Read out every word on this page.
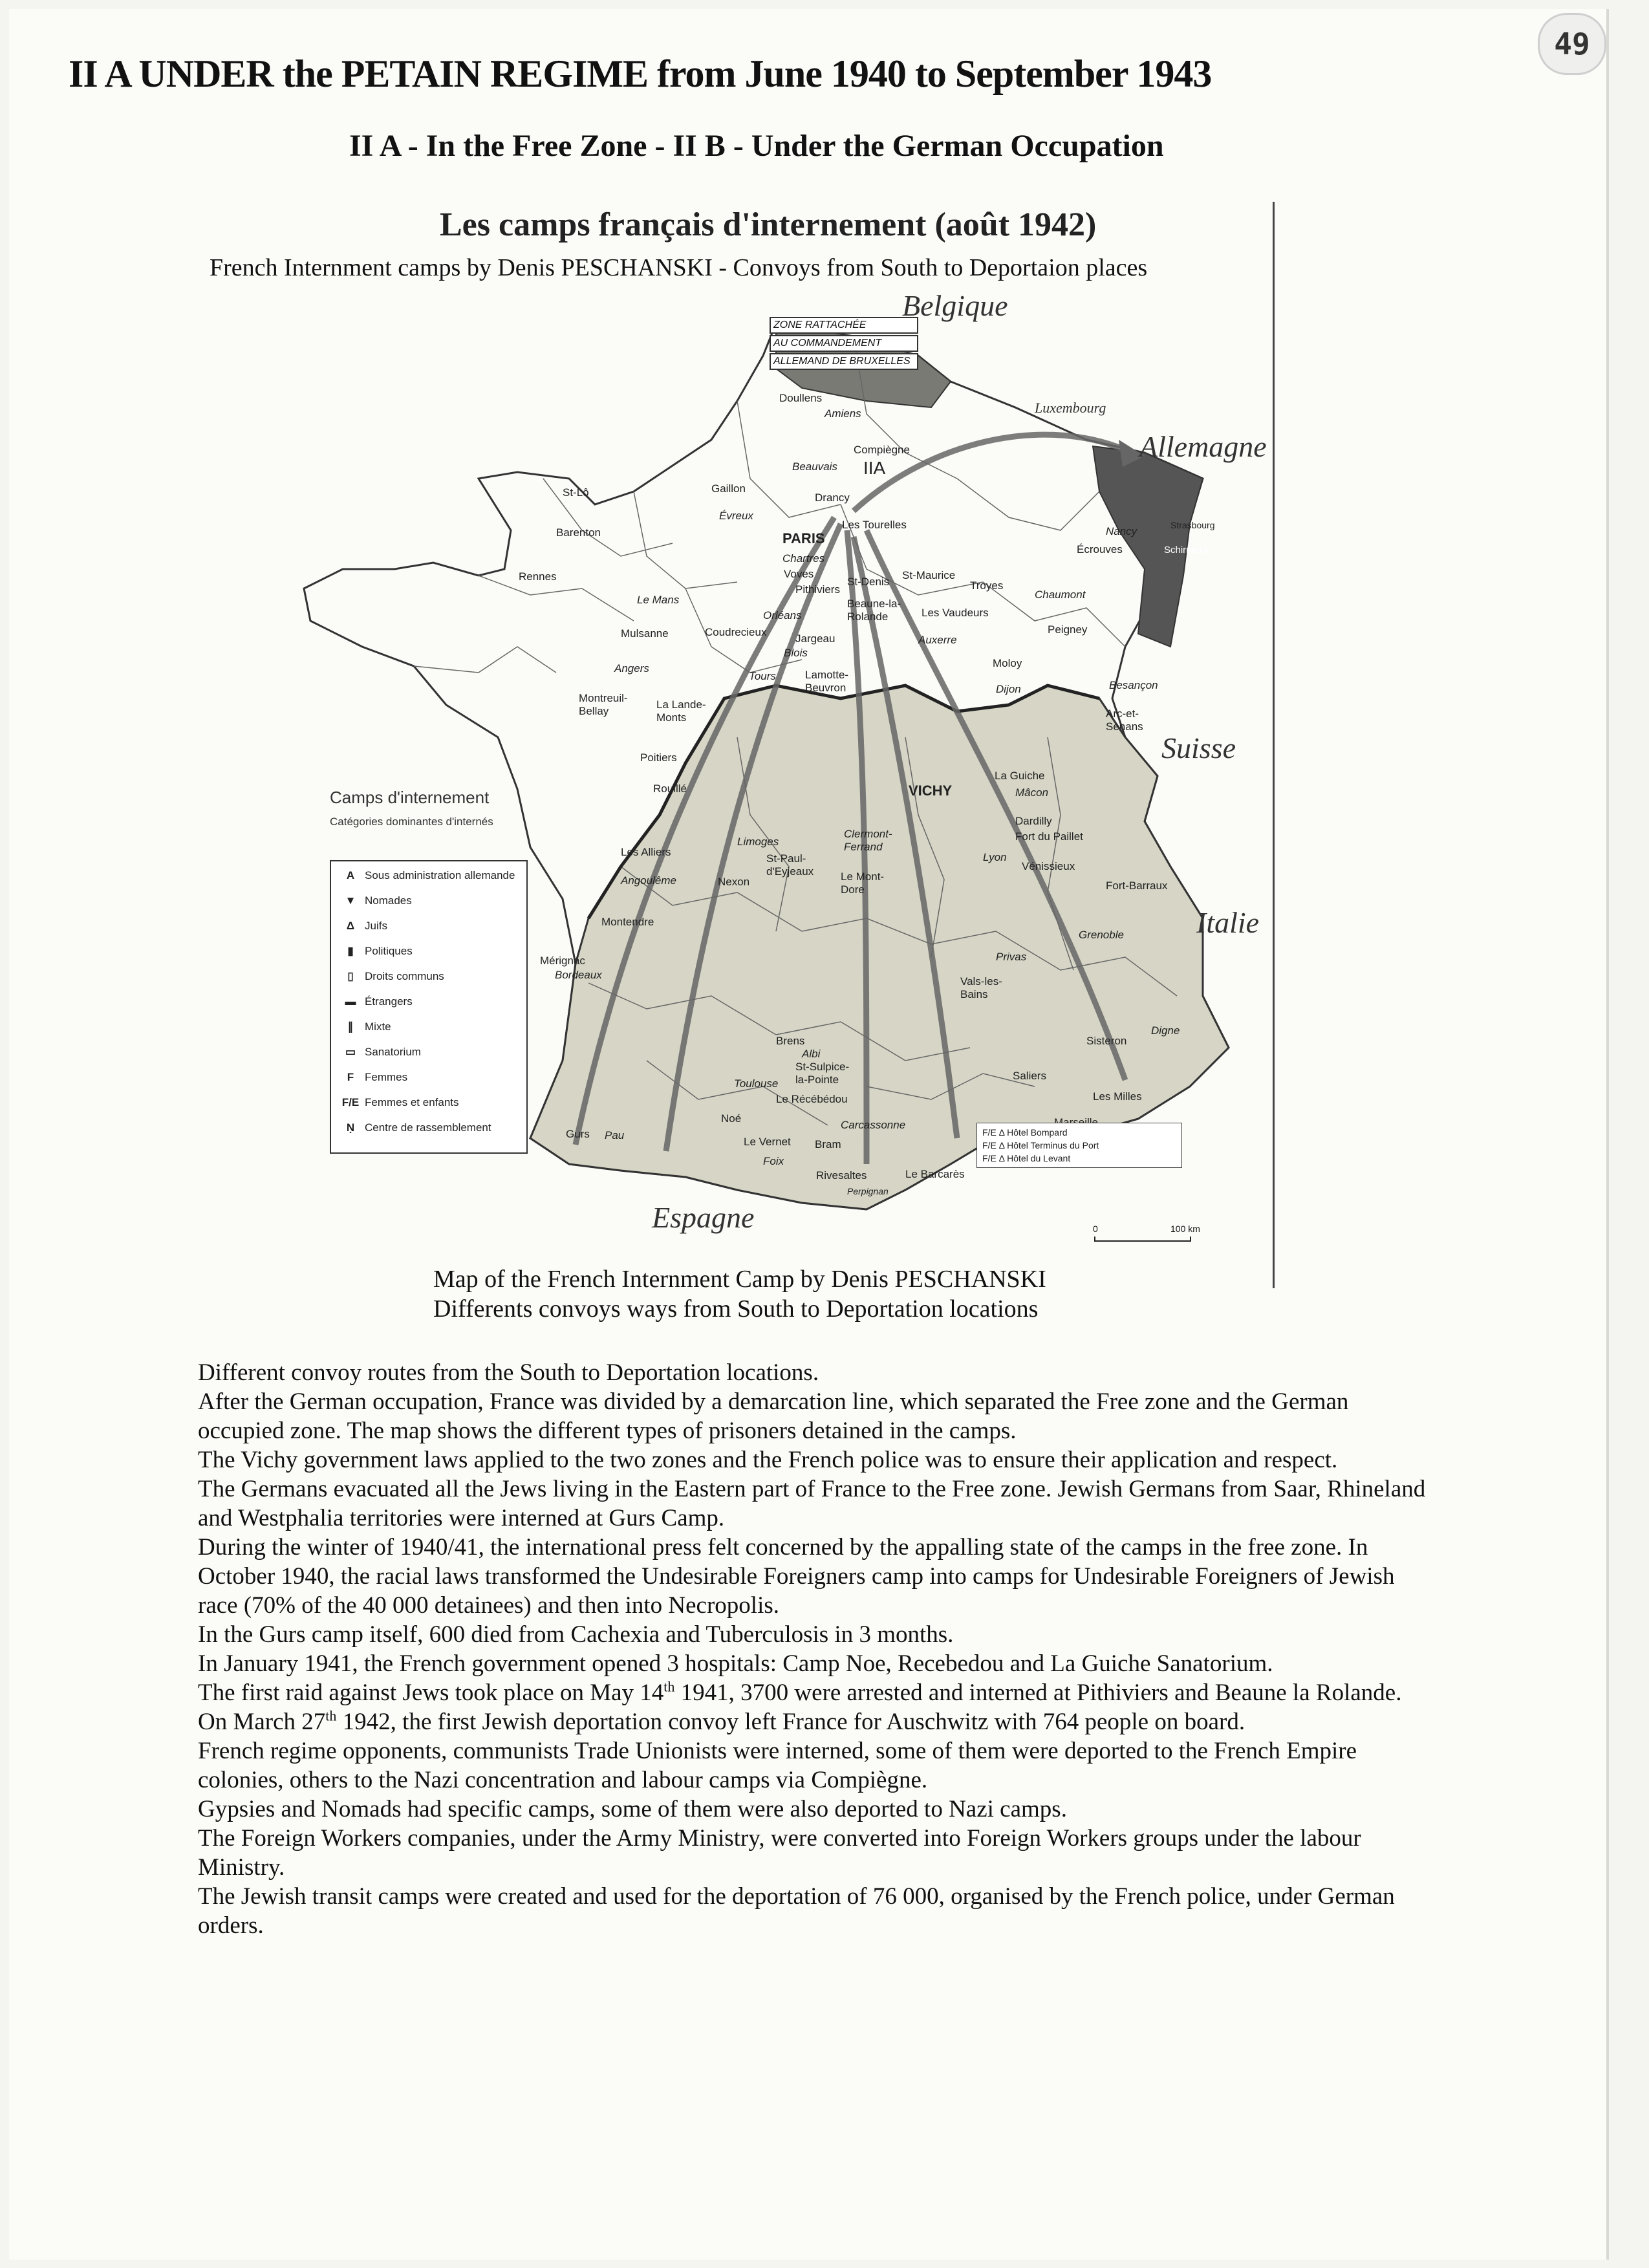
49
II A UNDER the PETAIN REGIME from June 1940 to September 1943
II A - In the Free Zone - II B - Under the German Occupation
Les camps français d'internement (août 1942)
French Internment camps by Denis PESCHANSKI - Convoys from South to Deportaion places
ZONE RATTACHÉE
AU COMMANDEMENT
ALLEMAND DE BRUXELLES
Belgique
Luxembourg
Allemagne
Suisse
Italie
Espagne
Doullens
Amiens
Compiègne
Beauvais IIA
Gaillon
Évreux
Drancy
PARIS
Les Tourelles
St-Lô
Barenton
Rennes
Chartres
Voves
Pithiviers
St-Denis
St-Maurice
Troyes
Le Mans
Orléans
Beaune-la-Rolande	Les Vaudeurs
Chaumont
Mulsanne	Coudrecieux
Jargeau	Auxerre
Peigney
Angers
Blois
Tours	Lamotte-Beuvron
Moloy
Dijon
Nancy
Écrouves
Strasbourg
Schirmeck
Montreuil-Bellay
La Lande-Monts
Besançon
Arc-et-Senans
Poitiers
Rouillé	VICHY
La Guiche
Mâcon
Les Alliers
Limoges
Clermont-Ferrand
Dardilly
Fort du Paillet
Lyon
Vénissieux
Angoulême	Nexon
St-Paul-d'Eyjeaux	Le Mont-Dore	Fort-Barraux
Montendre
Grenoble
Mérignac
Bordeaux
Privas
Vals-les-Bains
Brens
Albi
St-Sulpice-la-Pointe
Sisteron
Digne
Toulouse
Le Récébédou
Saliers
Les Milles
Noé
Carcassonne
Gurs Pau
Le Vernet Bram
Foix
Rivesaltes	Le Barcarès
Perpignan
Camps d'internement
Catégories dominantes d'internés
A Sous administration allemande
▼ Nomades
Δ Juifs
▮	Politiques
▯	Droits communs
▬ Étrangers
∥	Mixte
▭ Sanatorium
F Femmes
F/E Femmes et enfants
Ṇ Centre de rassemblement	F/E Δ Hôtel Bompard
F/E Δ Hôtel Terminus du Port
F/E Δ Hôtel du Levant
0	100 km
Map of the French Internment Camp by Denis PESCHANSKI
Differents convoys ways from South to Deportation locations

Different convoy routes from the South to Deportation locations.

After the German occupation, France was divided by a demarcation line, which separated the Free zone and the German occupied zone. The map shows the different types of prisoners detained in the camps.

The Vichy government laws applied to the two zones and the French police was to ensure their application and respect.

The Germans evacuated all the Jews living in the Eastern part of France to the Free zone. Jewish Germans from Saar, Rhineland and Westphalia territories were interned at Gurs Camp.

During the winter of 1940/41, the international press felt concerned by the appalling state of the camps in the free zone. In October 1940, the racial laws transformed the Undesirable Foreigners camp into camps for Undesirable Foreigners of Jewish race (70% of the 40 000 detainees) and then into Necropolis.

In the Gurs camp itself, 600 died from Cachexia and Tuberculosis in 3 months.

In January 1941, the French government opened 3 hospitals: Camp Noe, Recebedou and La Guiche Sanatorium.

The first raid against Jews took place on May 14th 1941, 3700 were arrested and interned at Pithiviers and Beaune la Rolande. On March 27th 1942, the first Jewish deportation convoy left France for Auschwitz with 764 people on board.

French regime opponents, communists Trade Unionists were interned, some of them were deported to the French Empire colonies, others to the Nazi concentration and labour camps via Compiègne.

Gypsies and Nomads had specific camps, some of them were also deported to Nazi camps.

The Foreign Workers companies, under the Army Ministry, were converted into Foreign Workers groups under the labour Ministry.

The Jewish transit camps were created and used for the deportation of 76 000, organised by the French police, under German orders.
